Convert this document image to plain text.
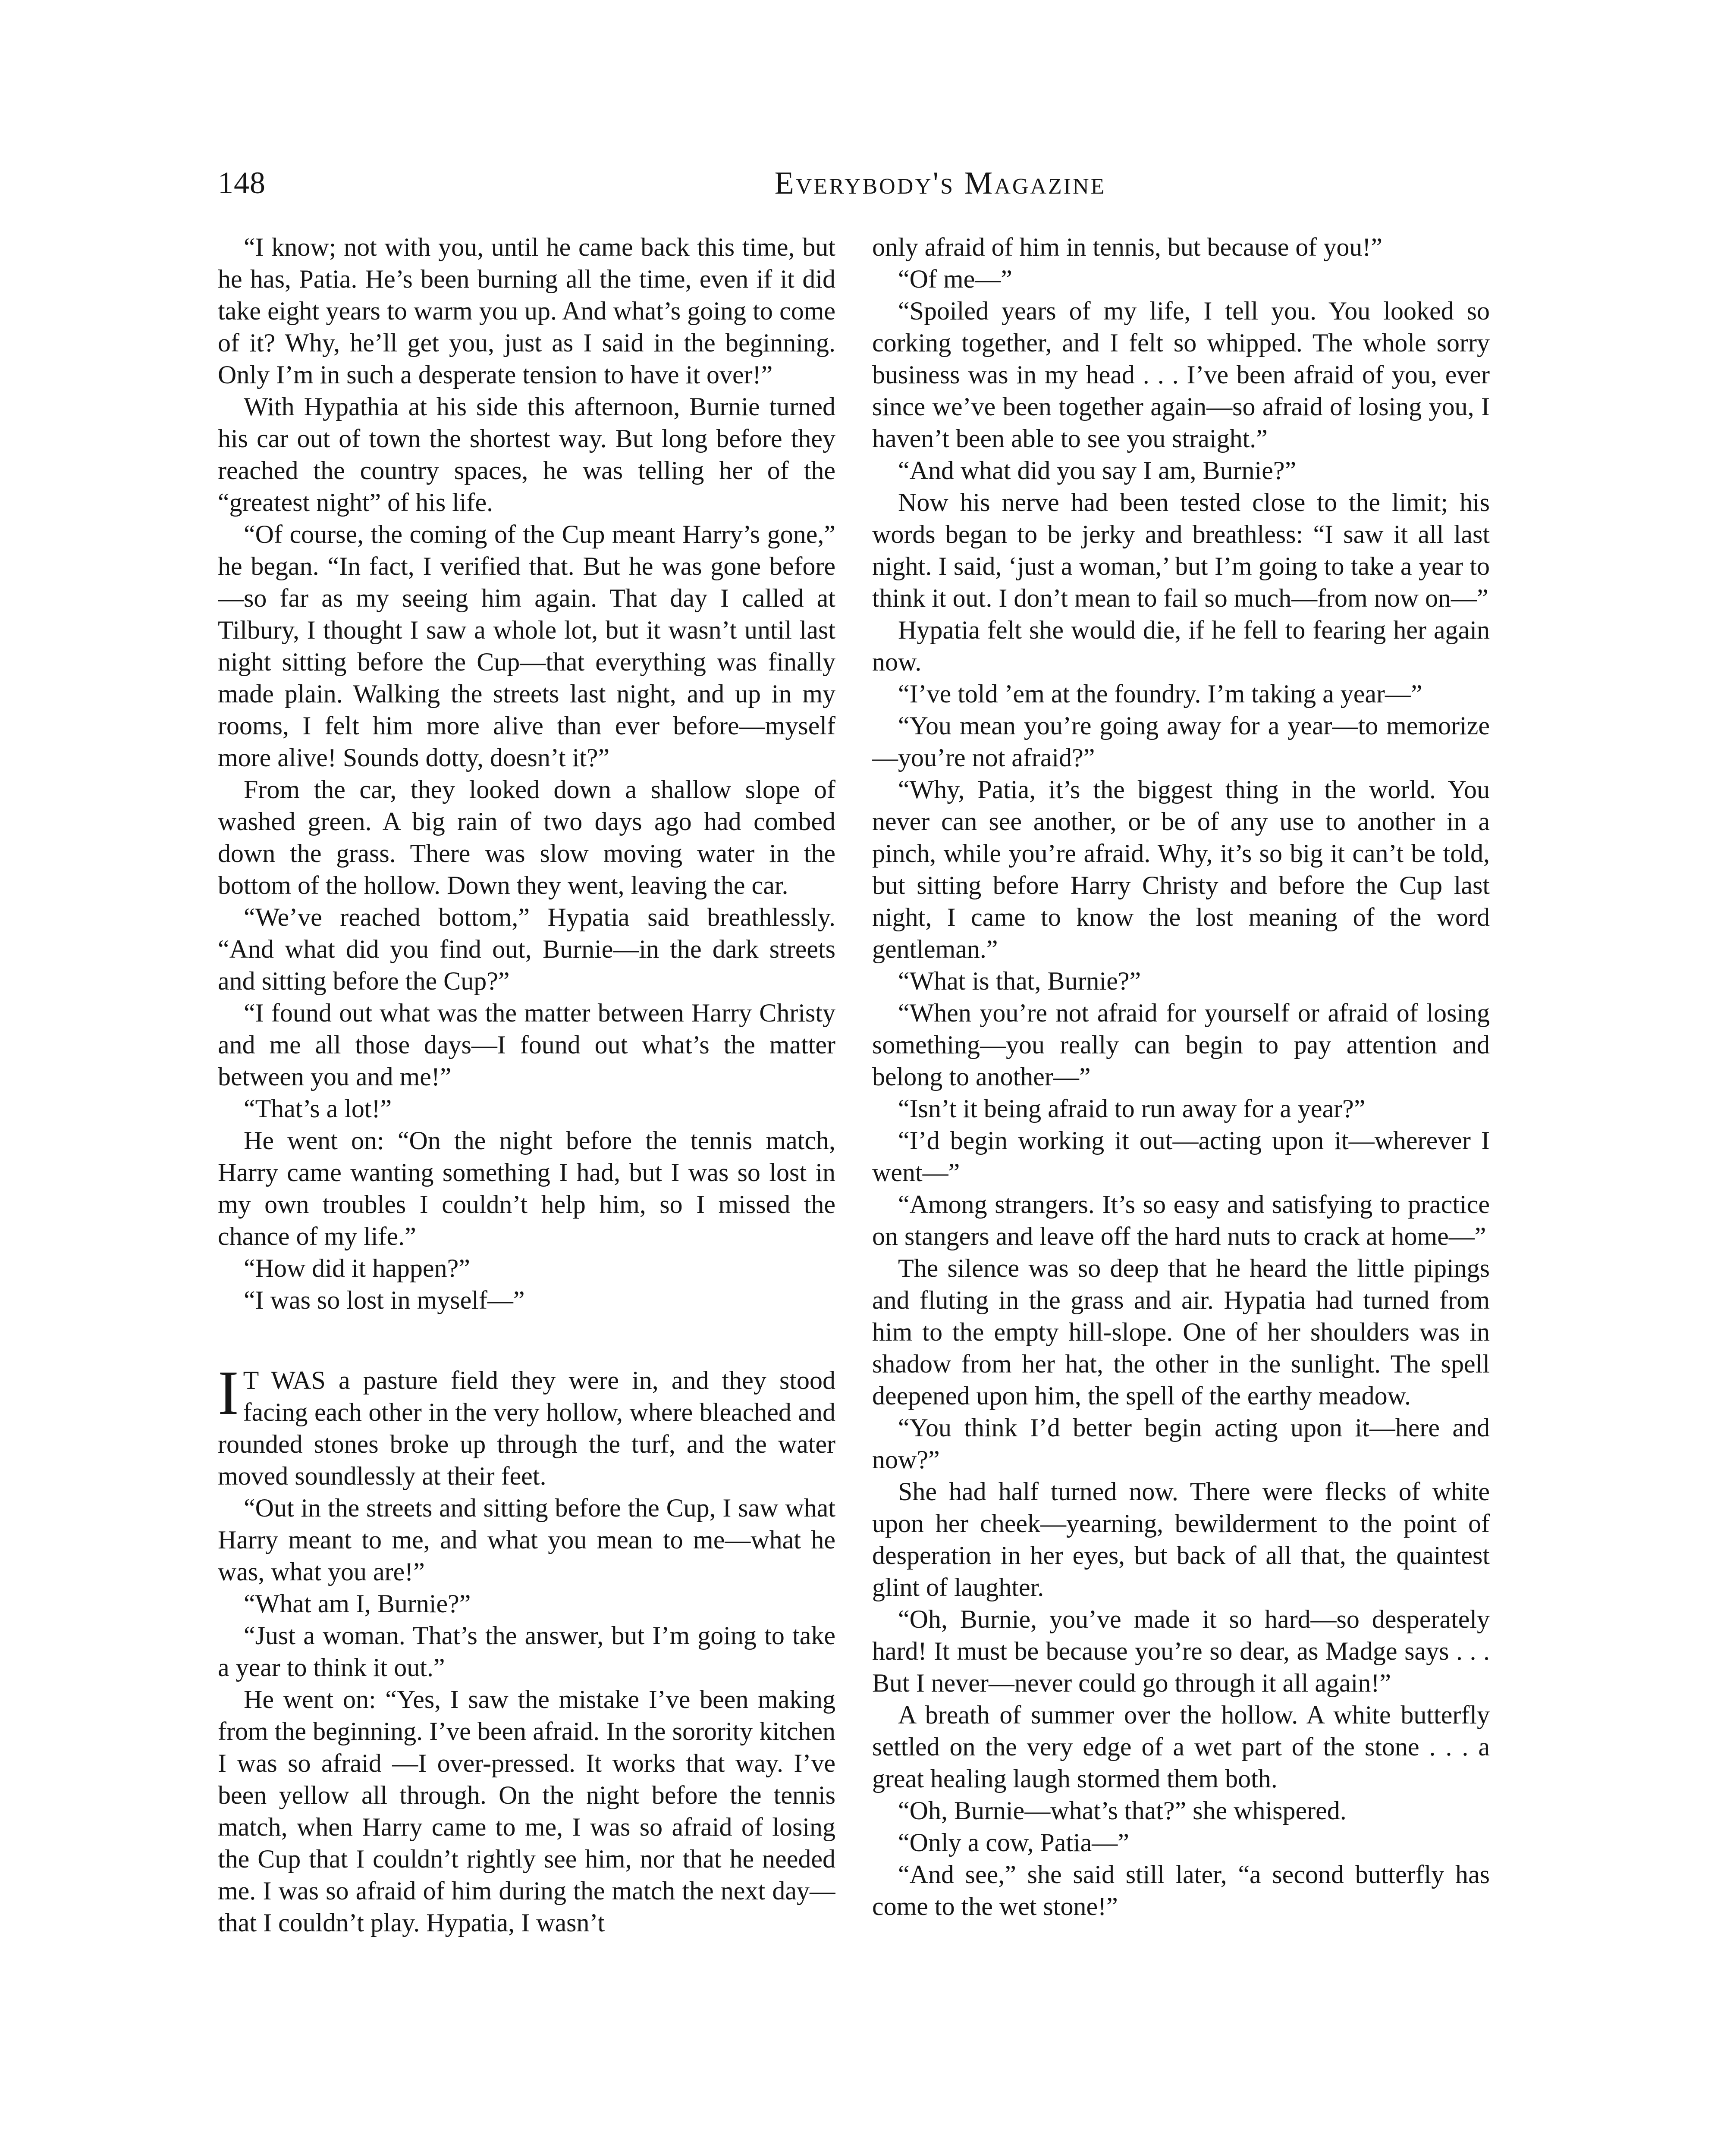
148	Everybody's Magazine

“I know; not with you, until he came back this time, but he has, Patia. He’s been burning all the time, even if it did take eight years to warm you up. And what’s going to come of it? Why, he’ll get you, just as I said in the beginning. Only I’m in such a desperate tension to have it over!”

With Hypathia at his side this afternoon, Burnie turned his car out of town the shortest way. But long before they reached the country spaces, he was telling her of the “greatest night” of his life.

“Of course, the coming of the Cup meant Harry’s gone,” he began. “In fact, I verified that. But he was gone before—so far as my seeing him again. That day I called at Tilbury, I thought I saw a whole lot, but it wasn’t until last night sitting before the Cup—that everything was finally made plain. Walking the streets last night, and up in my rooms, I felt him more alive than ever before—myself more alive! Sounds dotty, doesn’t it?”

From the car, they looked down a shallow slope of washed green. A big rain of two days ago had combed down the grass. There was slow moving water in the bottom of the hollow. Down they went, leaving the car.

“We’ve reached bottom,” Hypatia said breathlessly. “And what did you find out, Burnie—in the dark streets and sitting before the Cup?”

“I found out what was the matter between Harry Christy and me all those days—I found out what’s the matter between you and me!”

“That’s a lot!”

He went on: “On the night before the tennis match, Harry came wanting something I had, but I was so lost in my own troubles I couldn’t help him, so I missed the chance of my life.”

“How did it happen?”

“I was so lost in myself—”

I T WAS a pasture field they were in, and they stood facing each other in the very hollow, where bleached and rounded stones broke up through the turf, and the water moved soundlessly at their feet.

“Out in the streets and sitting before the Cup, I saw what Harry meant to me, and what you mean to me—what he was, what you are!”

“What am I, Burnie?”

“Just a woman. That’s the answer, but I’m going to take a year to think it out.”

He went on: “Yes, I saw the mistake I’ve been making from the beginning. I’ve been afraid. In the sorority kitchen I was so afraid —I over-pressed. It works that way. I’ve been yellow all through. On the night before the tennis match, when Harry came to me, I was so afraid of losing the Cup that I couldn’t rightly see him, nor that he needed me. I was so afraid of him during the match the next day—that I couldn’t play. Hypatia, I wasn’t

only afraid of him in tennis, but because of you!”

“Of me—”

“Spoiled years of my life, I tell you. You looked so corking together, and I felt so whipped. The whole sorry business was in my head . . . I’ve been afraid of you, ever since we’ve been together again—so afraid of losing you, I haven’t been able to see you straight.”

“And what did you say I am, Burnie?”

Now his nerve had been tested close to the limit; his words began to be jerky and breathless: “I saw it all last night. I said, ‘just a woman,’ but I’m going to take a year to think it out. I don’t mean to fail so much—from now on—”

Hypatia felt she would die, if he fell to fearing her again now.

“I’ve told ’em at the foundry. I’m taking a year—”

“You mean you’re going away for a year—to memorize—you’re not afraid?”

“Why, Patia, it’s the biggest thing in the world. You never can see another, or be of any use to another in a pinch, while you’re afraid. Why, it’s so big it can’t be told, but sitting before Harry Christy and before the Cup last night, I came to know the lost meaning of the word gentleman.”

“What is that, Burnie?”

“When you’re not afraid for yourself or afraid of losing something—you really can begin to pay attention and belong to another—”

“Isn’t it being afraid to run away for a year?”

“I’d begin working it out—acting upon it—wherever I went—”

“Among strangers. It’s so easy and satisfying to practice on stangers and leave off the hard nuts to crack at home—”

The silence was so deep that he heard the little pipings and fluting in the grass and air. Hypatia had turned from him to the empty hill-slope. One of her shoulders was in shadow from her hat, the other in the sunlight. The spell deepened upon him, the spell of the earthy meadow.

“You think I’d better begin acting upon it—here and now?”

She had half turned now. There were flecks of white upon her cheek—yearning, bewilderment to the point of desperation in her eyes, but back of all that, the quaintest glint of laughter.

“Oh, Burnie, you’ve made it so hard—so desperately hard! It must be because you’re so dear, as Madge says . . . But I never—never could go through it all again!”

A breath of summer over the hollow. A white butterfly settled on the very edge of a wet part of the stone . . . a great healing laugh stormed them both.

“Oh, Burnie—what’s that?” she whispered.

“Only a cow, Patia—”

“And see,” she said still later, “a second butterfly has come to the wet stone!”
